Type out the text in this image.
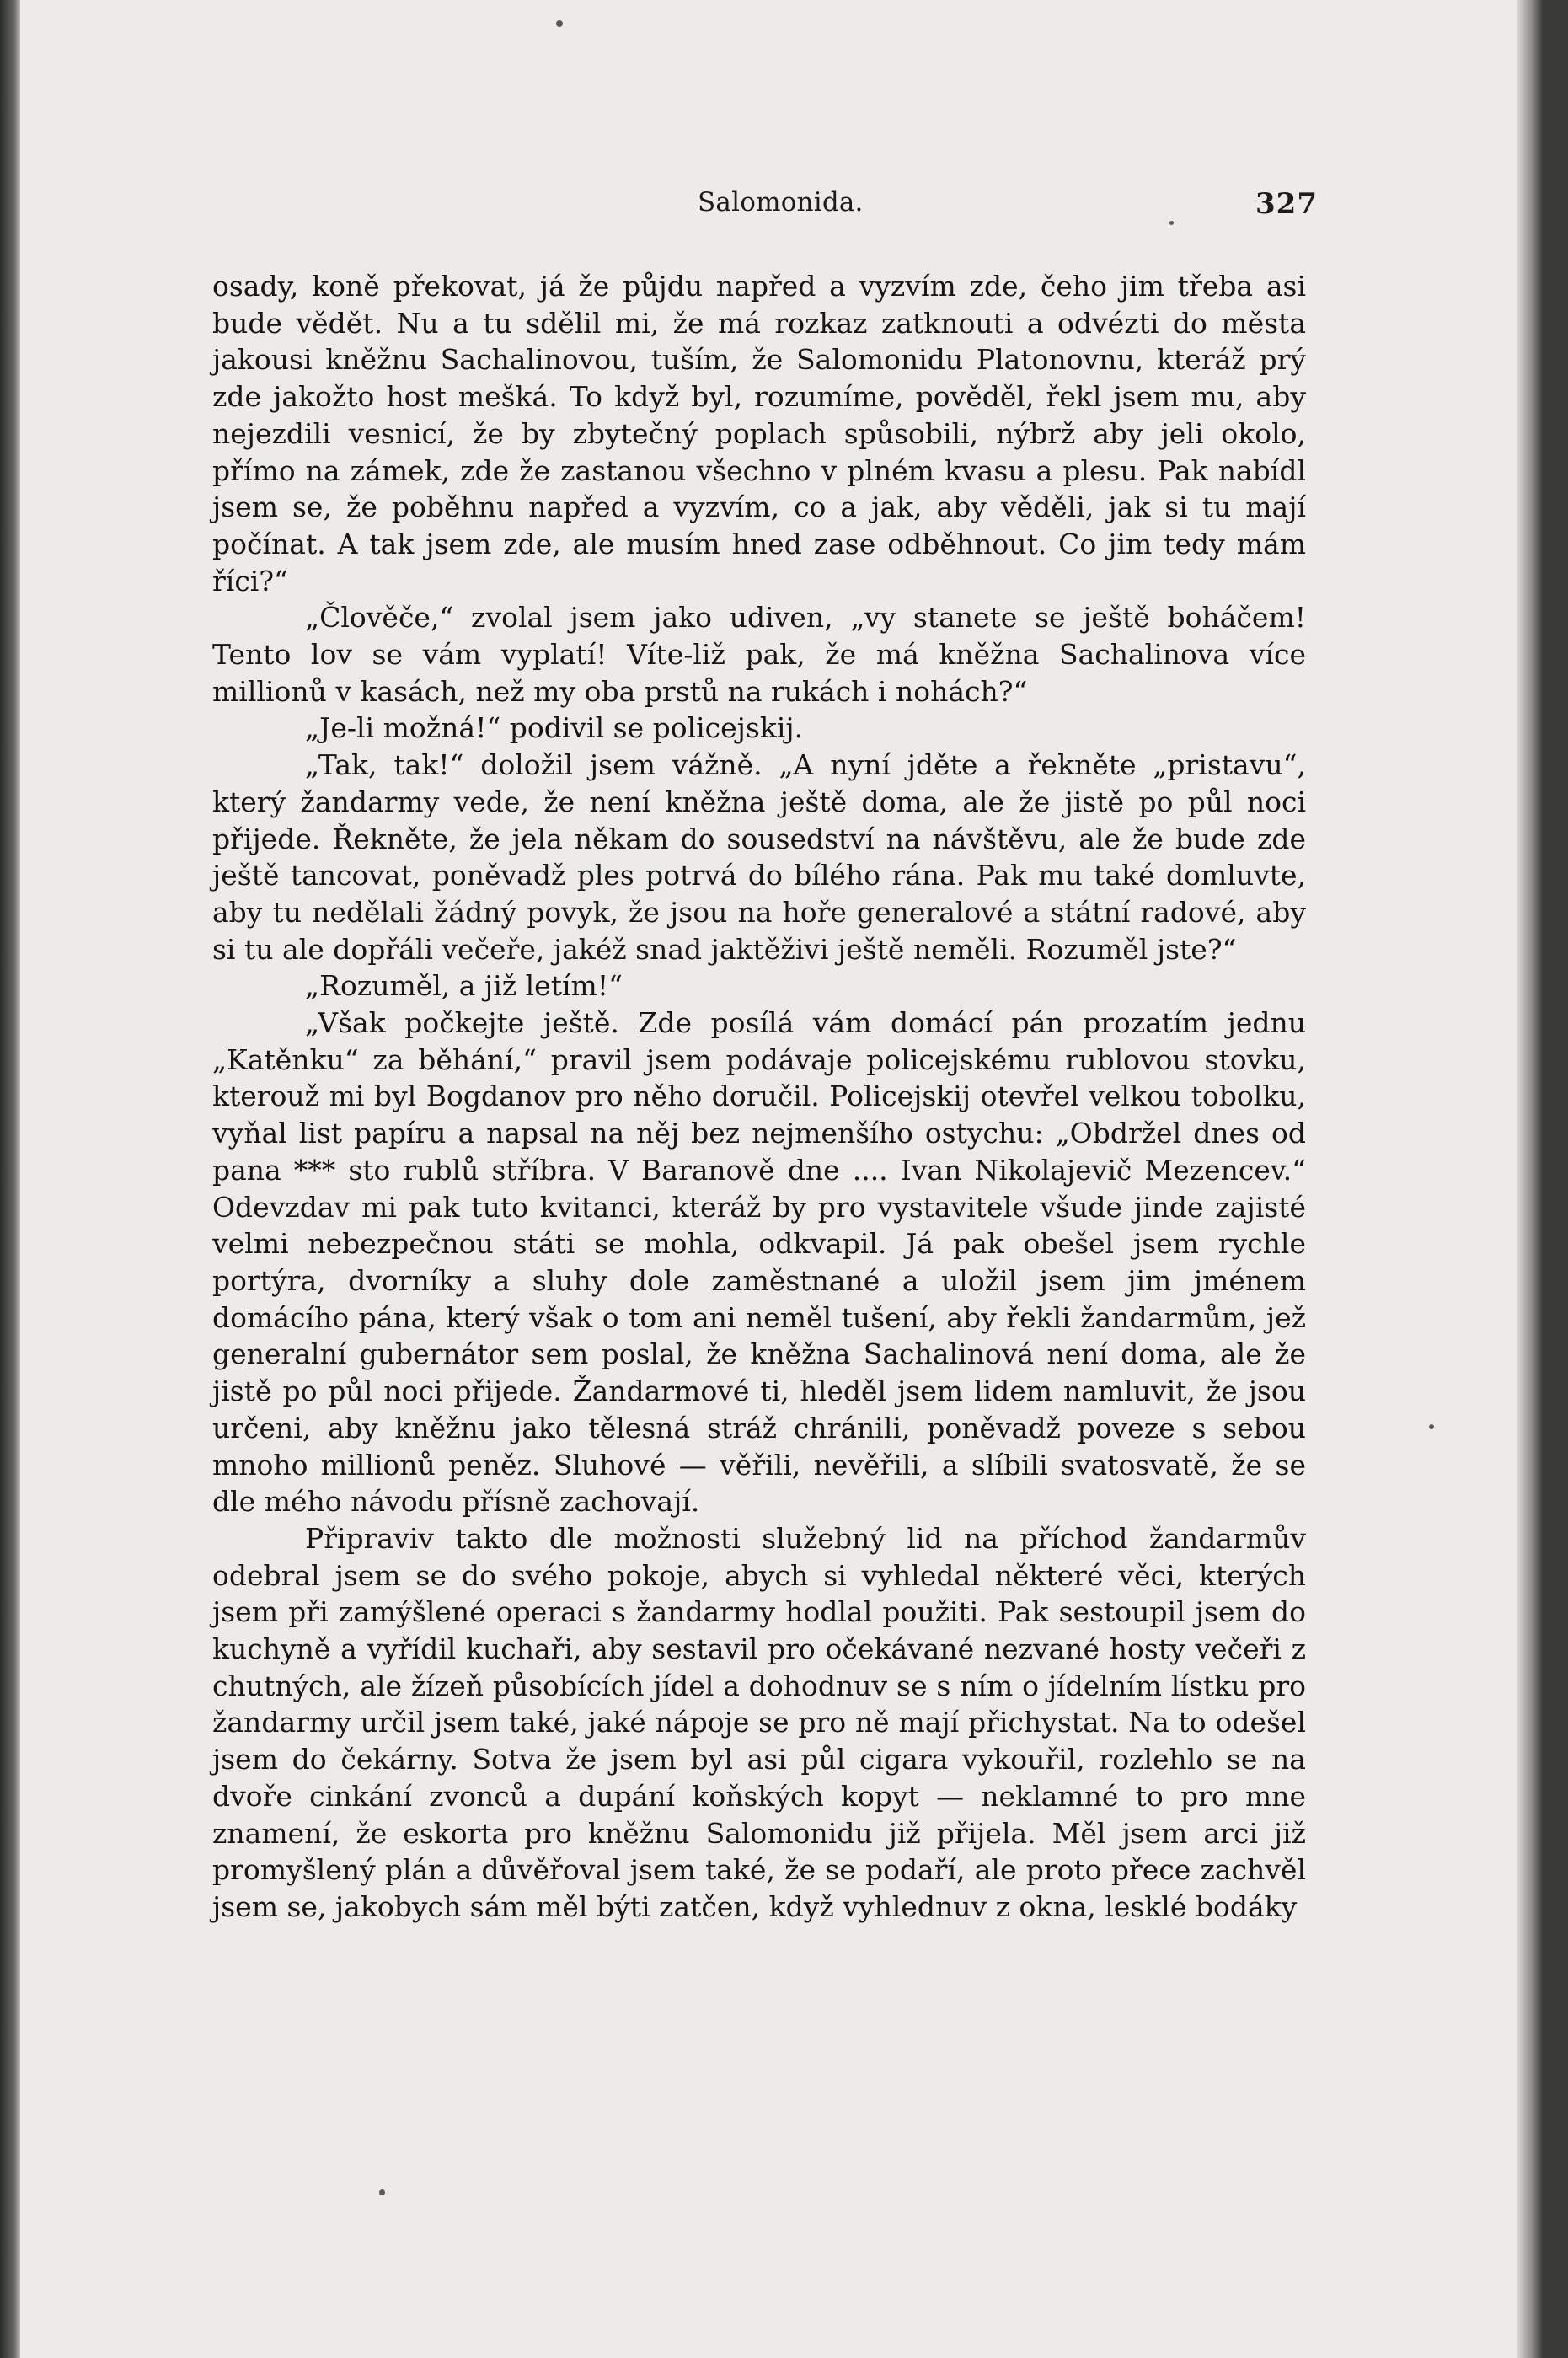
Salomonida.	327

osady, koně překovat, já že půjdu napřed a vyzvím zde, čeho jim třeba asi bude vědět. Nu a tu sdělil mi, že má rozkaz zatknouti a odvézti do města jakousi kněžnu Sachalinovou, tuším, že Salomonidu Platonovnu, kteráž prý zde jakožto host mešká. To když byl, rozumíme, pověděl, řekl jsem mu, aby nejezdili vesnicí, že by zbytečný poplach spůsobili, nýbrž aby jeli okolo, přímo na zámek, zde že zastanou všechno v plném kvasu a plesu. Pak nabídl jsem se, že poběhnu napřed a vyzvím, co a jak, aby věděli, jak si tu mají počínat. A tak jsem zde, ale musím hned zase odběhnout. Co jim tedy mám říci?“

„Člověče,“ zvolal jsem jako udiven, „vy stanete se ještě boháčem! Tento lov se vám vyplatí! Víte-liž pak, že má kněžna Sachalinova více millionů v kasách, než my oba prstů na rukách i nohách?“

„Je-li možná!“ podivil se policejskij.

„Tak, tak!“ doložil jsem vážně. „A nyní jděte a řekněte „pristavu“, který žandarmy vede, že není kněžna ještě doma, ale že jistě po půl noci přijede. Řekněte, že jela někam do sousedství na návštěvu, ale že bude zde ještě tancovat, poněvadž ples potrvá do bílého rána. Pak mu také domluvte, aby tu nedělali žádný povyk, že jsou na hoře generalové a státní radové, aby si tu ale dopřáli večeře, jakéž snad jaktěživi ještě neměli. Rozuměl jste?“

„Rozuměl, a již letím!“

„Však počkejte ještě. Zde posílá vám domácí pán prozatím jednu „Katěnku“ za běhání,“ pravil jsem podávaje policejskému rublovou stovku, kterouž mi byl Bogdanov pro něho doručil. Policejskij otevřel velkou tobolku, vyňal list papíru a napsal na něj bez nejmenšího ostychu: „Obdržel dnes od pana *** sto rublů stříbra. V Baranově dne .... Ivan Nikolajevič Mezencev.“ Odevzdav mi pak tuto kvitanci, kteráž by pro vystavitele všude jinde zajisté velmi nebezpečnou státi se mohla, odkvapil. Já pak obešel jsem rychle portýra, dvorníky a sluhy dole zaměstnané a uložil jsem jim jménem domácího pána, který však o tom ani neměl tušení, aby řekli žandarmům, jež generalní gubernátor sem poslal, že kněžna Sachalinová není doma, ale že jistě po půl noci přijede. Žandarmové ti, hleděl jsem lidem namluvit, že jsou určeni, aby kněžnu jako tělesná stráž chránili, poněvadž poveze s sebou mnoho millionů peněz. Sluhové — věřili, nevěřili, a slíbili svatosvatě, že se dle mého návodu přísně zachovají.

Připraviv takto dle možnosti služebný lid na příchod žandarmův odebral jsem se do svého pokoje, abych si vyhledal některé věci, kterých jsem při zamýšlené operaci s žandarmy hodlal použiti. Pak sestoupil jsem do kuchyně a vyřídil kuchaři, aby sestavil pro očekávané nezvané hosty večeři z chutných, ale žízeň působících jídel a dohodnuv se s ním o jídelním lístku pro žandarmy určil jsem také, jaké nápoje se pro ně mají přichystat. Na to odešel jsem do čekárny. Sotva že jsem byl asi půl cigara vykouřil, rozlehlo se na dvoře cinkání zvonců a dupání koňských kopyt — neklamné to pro mne znamení, že eskorta pro kněžnu Salomonidu již přijela. Měl jsem arci již promyšlený plán a důvěřoval jsem také, že se podaří, ale proto přece zachvěl jsem se, jakobych sám měl býti zatčen, když vyhlednuv z okna, lesklé bodáky
